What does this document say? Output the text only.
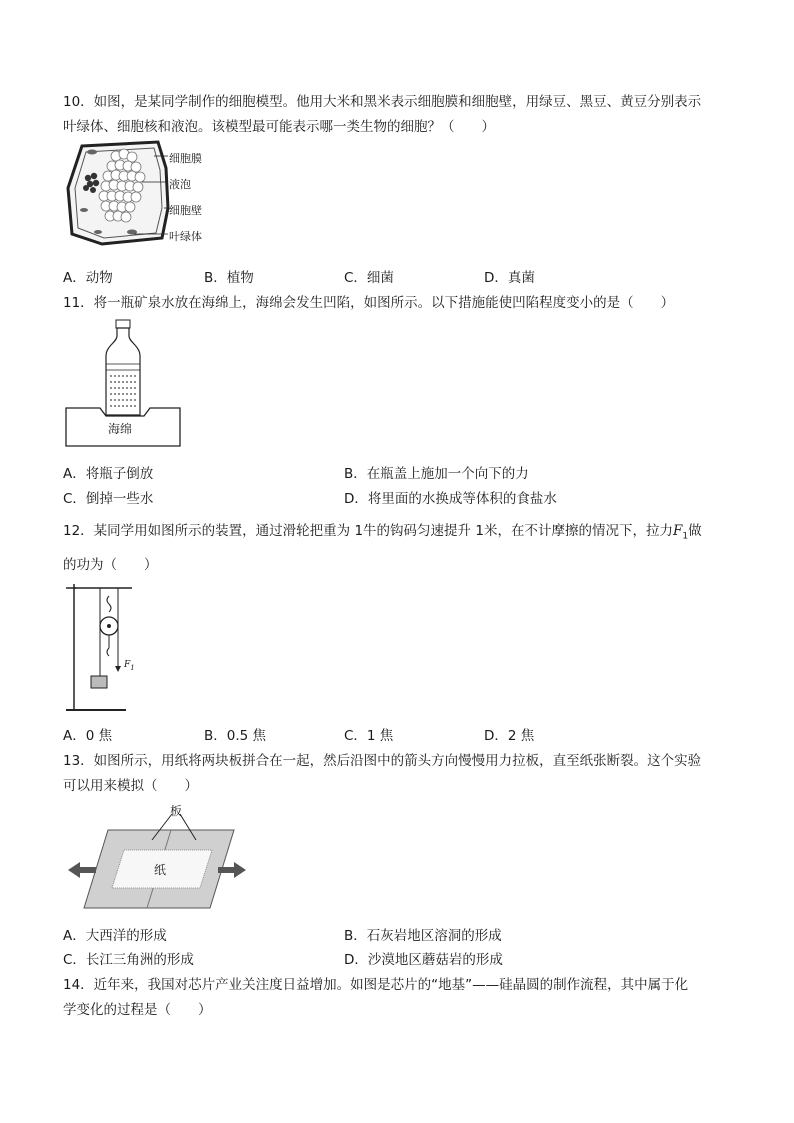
10．如图，是某同学制作的细胞模型。他用大米和黑米表示细胞膜和细胞壁，用绿豆、黑豆、黄豆分别表示
叶绿体、细胞核和液泡。该模型最可能表示哪一类生物的细胞？（　　）
细胞膜
液泡
细胞壁
叶绿体
A．动物	B．植物	C．细菌	D．真菌
11．将一瓶矿泉水放在海绵上，海绵会发生凹陷，如图所示。以下措施能使凹陷程度变小的是（　　）
海绵
A．将瓶子倒放	B．在瓶盖上施加一个向下的力
C．倒掉一些水	D．将里面的水换成等体积的食盐水
12．某同学用如图所示的装置，通过滑轮把重为 1牛的钩码匀速提升 1米，在不计摩擦的情况下，拉力$F_1$做
的功为（　　）
$F_1$
A．0 焦	B．0.5 焦	C．1 焦	D．2 焦
13．如图所示，用纸将两块板拼合在一起，然后沿图中的箭头方向慢慢用力拉板，直至纸张断裂。这个实验
可以用来模拟（　　）
板
纸
A．大西洋的形成	B．石灰岩地区溶洞的形成
C．长江三角洲的形成	D．沙漠地区蘑菇岩的形成
14．近年来，我国对芯片产业关注度日益增加。如图是芯片的“地基”——硅晶圆的制作流程，其中属于化
学变化的过程是（　　）
